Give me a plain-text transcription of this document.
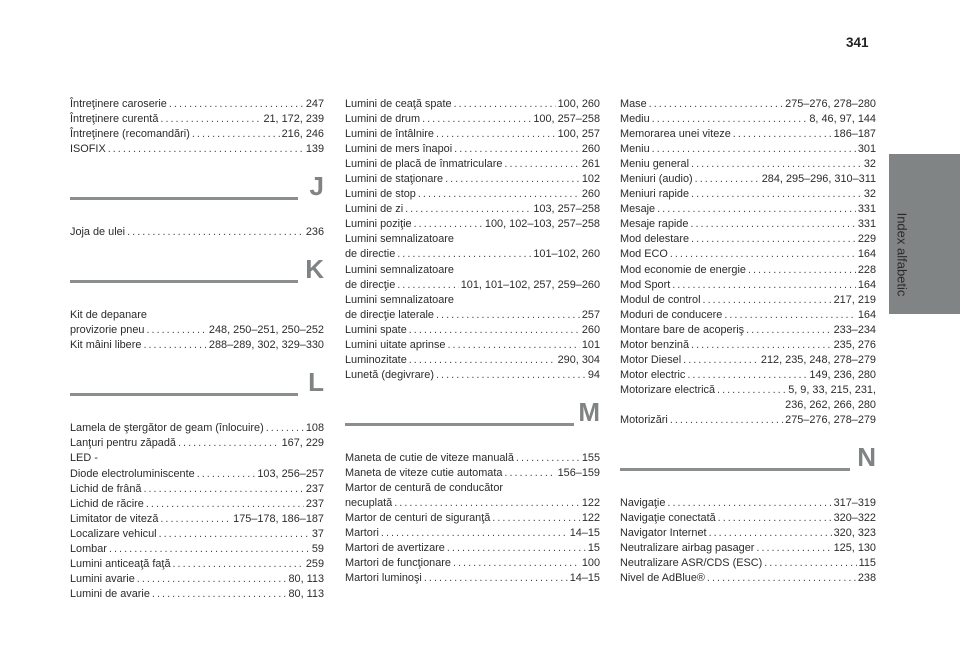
341
Index alfabetic
Întreţinere caroserie . . .	247
Întreţinere curentă . . .	21, 172, 239
Întreţinere (recomandări) . . .	216, 246
ISOFIX . . .	139
J
Joja de ulei . . .	236
K
Kit de depanare
provizorie pneu . . .	248, 250–251, 250–252
Kit mâini libere . . .	288–289, 302, 329–330
L
Lamela de ştergător de geam (înlocuire) . . .	108
Lanţuri pentru zăpadă . . .	167, 229
LED -
Diode electroluminiscente . . .	103, 256–257
Lichid de frână . . .	237
Lichid de răcire . . .	237
Limitator de viteză . . .	175–178, 186–187
Localizare vehicul . . .	37
Lombar . . .	59
Lumini anticeaţă faţă . . .	259
Lumini avarie . . .	80, 113
Lumini de avarie . . .	80, 113
Lumini de ceaţă spate . . .	100, 260
Lumini de drum . . .	100, 257–258
Lumini de întâlnire . . .	100, 257
Lumini de mers înapoi . . .	260
Lumini de placă de înmatriculare . . .	261
Lumini de staţionare . . .	102
Lumini de stop . . .	260
Lumini de zi . . .	103, 257–258
Lumini poziţie . . .	100, 102–103, 257–258
Lumini semnalizatoare
de directie . . .	101–102, 260
Lumini semnalizatoare
de direcţie . . .	101, 101–102, 257, 259–260
Lumini semnalizatoare
de direcţie laterale . . .	257
Lumini spate . . .	260
Lumini uitate aprinse . . .	101
Luminozitate . . .	290, 304
Lunetă (degivrare) . . .	94
M
Maneta de cutie de viteze manuală . . .	155
Maneta de viteze cutie automata . . .	156–159
Martor de centură de conducător
necuplată . . .	122
Martor de centuri de siguranţă . . .	122
Martori . . .	14–15
Martori de avertizare . . .	15
Martori de funcţionare . . .	100
Martori luminoşi . . .	14–15
Mase . . .	275–276, 278–280
Mediu . . .	8, 46, 97, 144
Memorarea unei viteze . . .	186–187
Meniu . . .	301
Meniu general . . .	32
Meniuri (audio) . . .	284, 295–296, 310–311
Meniuri rapide . . .	32
Mesaje . . .	331
Mesaje rapide . . .	331
Mod delestare . . .	229
Mod ECO . . .	164
Mod economie de energie . . .	228
Mod Sport . . .	164
Modul de control . . .	217, 219
Moduri de conducere . . .	164
Montare bare de acoperiş . . .	233–234
Motor benzină . . .	235, 276
Motor Diesel . . .	212, 235, 248, 278–279
Motor electric . . .	149, 236, 280
Motorizare electrică . . .	5, 9, 33, 215, 231,
236, 262, 266, 280
Motorizări . . .	275–276, 278–279
N
Navigaţie . . .	317–319
Navigaţie conectată . . .	320–322
Navigator Internet . . .	320, 323
Neutralizare airbag pasager . . .	125, 130
Neutralizare ASR/CDS (ESC) . . .	115
Nivel de AdBlue® . . .	238
